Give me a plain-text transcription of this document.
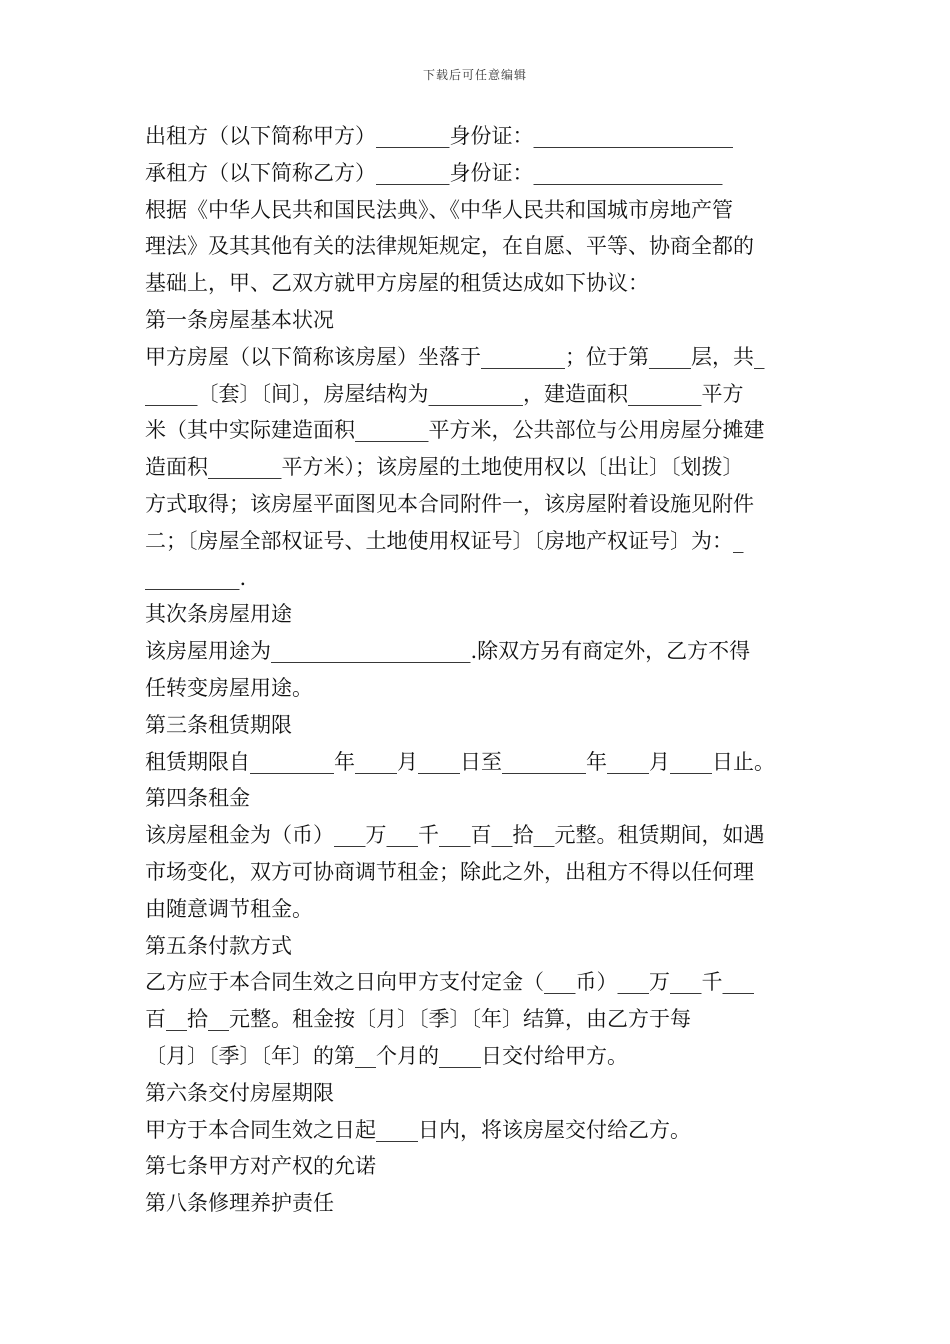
下载后可任意编辑
出租方（以下简称甲方）_______身份证：___________________
承租方（以下简称乙方）_______身份证：__________________
根据《中华人民共和国民法典》、《中华人民共和国城市房地产管
理法》及其其他有关的法律规矩规定，在自愿、平等、协商全都的
基础上，甲、乙双方就甲方房屋的租赁达成如下协议：
第一条房屋基本状况
甲方房屋（以下简称该房屋）坐落于________；位于第____层，共_
_____〔套〕〔间〕，房屋结构为_________，建造面积_______平方
米（其中实际建造面积_______平方米，公共部位与公用房屋分摊建
造面积_______平方米）；该房屋的土地使用权以〔出让〕〔划拨〕
方式取得；该房屋平面图见本合同附件一，该房屋附着设施见附件
二；〔房屋全部权证号、土地使用权证号〕〔房地产权证号〕为：_
_________.
其次条房屋用途
该房屋用途为___________________.除双方另有商定外，乙方不得
任转变房屋用途。
第三条租赁期限
租赁期限自________年____月____日至________年____月____日止。
第四条租金
该房屋租金为（币）___万___千___百__拾__元整。租赁期间，如遇
市场变化，双方可协商调节租金；除此之外，出租方不得以任何理
由随意调节租金。
第五条付款方式
乙方应于本合同生效之日向甲方支付定金（___币）___万___千___
百__拾__元整。租金按〔月〕〔季〕〔年〕结算，由乙方于每
〔月〕〔季〕〔年〕的第__个月的____日交付给甲方。
第六条交付房屋期限
甲方于本合同生效之日起____日内，将该房屋交付给乙方。
第七条甲方对产权的允诺
第八条修理养护责任
